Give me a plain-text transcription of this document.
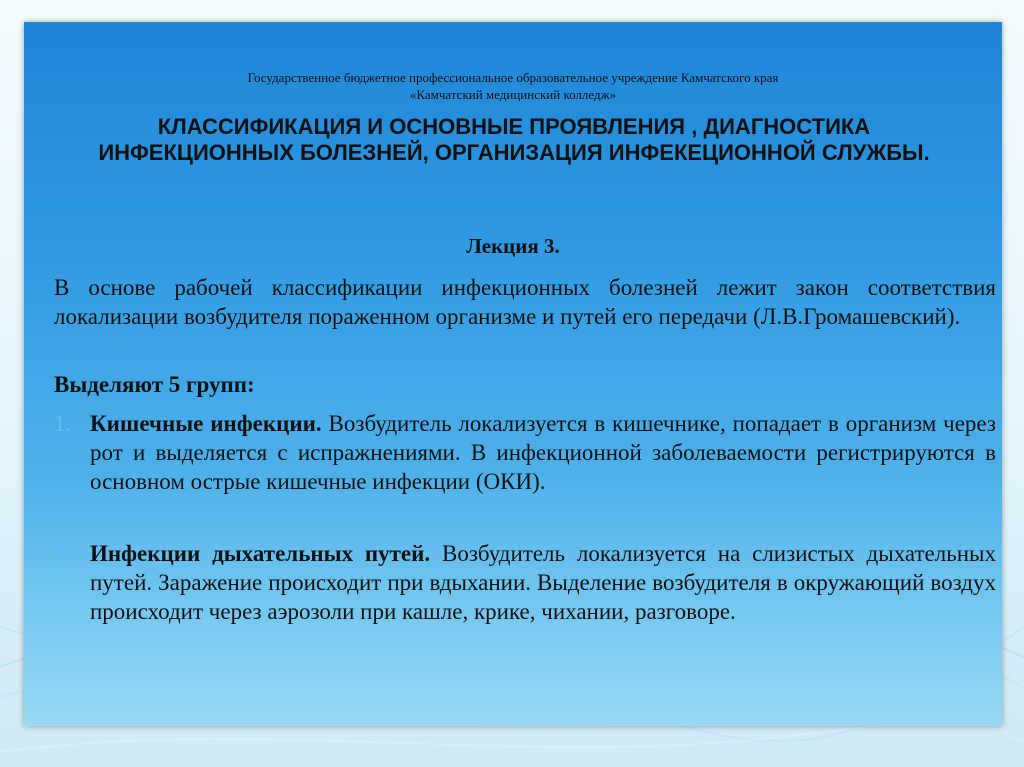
Государственное бюджетное профессиональное образовательное учреждение Камчатского края
«Камчатский медицинский колледж»
КЛАССИФИКАЦИЯ И ОСНОВНЫЕ ПРОЯВЛЕНИЯ , ДИАГНОСТИКА ИНФЕКЦИОННЫХ БОЛЕЗНЕЙ, ОРГАНИЗАЦИЯ ИНФЕКЕЦИОННОЙ СЛУЖБЫ.
Лекция 3.
В основе рабочей классификации инфекционных болезней лежит закон соответствия локализации возбудителя пораженном организме и путей его передачи (Л.В.Громашевский).
Выделяют 5 групп:
1. Кишечные инфекции. Возбудитель локализуется в кишечнике, попадает в организм через рот и выделяется с испражнениями. В инфекционной заболеваемости регистрируются в основном острые кишечные инфекции (ОКИ).
2. Инфекции дыхательных путей. Возбудитель локализуется на слизистых дыхательных путей. Заражение происходит при вдыхании. Выделение возбудителя в окружающий воздух происходит через аэрозоли при кашле, крике, чихании, разговоре.
